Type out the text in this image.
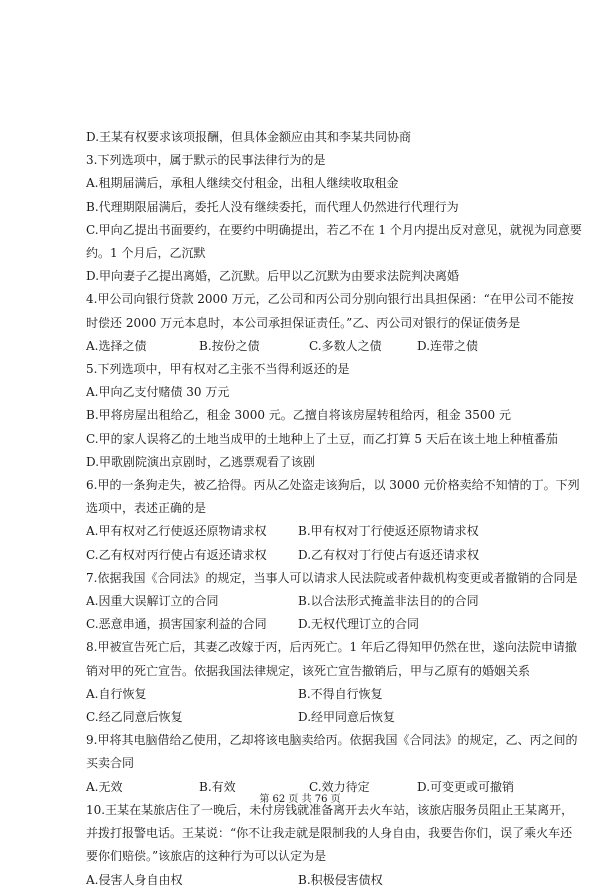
D.王某有权要求该项报酬，但具体金额应由其和李某共同协商
3.下列选项中，属于默示的民事法律行为的是
A.租期届满后，承租人继续交付租金，出租人继续收取租金
B.代理期限届满后，委托人没有继续委托，而代理人仍然进行代理行为
C.甲向乙提出书面要约，在要约中明确提出，若乙不在 1 个月内提出反对意见，就视为同意要
约。1 个月后，乙沉默
D.甲向妻子乙提出离婚，乙沉默。后甲以乙沉默为由要求法院判决离婚
4.甲公司向银行贷款 2000 万元，乙公司和丙公司分别向银行出具担保函：“在甲公司不能按
时偿还 2000 万元本息时，本公司承担保证责任。”乙、丙公司对银行的保证债务是
A.选择之债	B.按份之债	C.多数人之债	D.连带之债
5.下列选项中，甲有权对乙主张不当得利返还的是
A.甲向乙支付赌债 30 万元
B.甲将房屋出租给乙，租金 3000 元。乙擅自将该房屋转租给丙，租金 3500 元
C.甲的家人误将乙的土地当成甲的土地种上了土豆，而乙打算 5 天后在该土地上种植番茄
D.甲歌剧院演出京剧时，乙逃票观看了该剧
6.甲的一条狗走失，被乙拾得。丙从乙处盗走该狗后，以 3000 元价格卖给不知情的丁。下列
选项中，表述正确的是
A.甲有权对乙行使返还原物请求权	B.甲有权对丁行使返还原物请求权
C.乙有权对丙行使占有返还请求权	D.乙有权对丁行使占有返还请求权
7.依据我国《合同法》的规定，当事人可以请求人民法院或者仲裁机构变更或者撤销的合同是
A.因重大误解订立的合同	B.以合法形式掩盖非法目的的合同
C.恶意串通，损害国家利益的合同	D.无权代理订立的合同
8.甲被宣告死亡后，其妻乙改嫁于丙，后丙死亡。1 年后乙得知甲仍然在世，遂向法院申请撤
销对甲的死亡宣告。依据我国法律规定，该死亡宣告撤销后，甲与乙原有的婚姻关系
A.自行恢复	B.不得自行恢复
C.经乙同意后恢复	D.经甲同意后恢复
9.甲将其电脑借给乙使用，乙却将该电脑卖给丙。依据我国《合同法》的规定，乙、丙之间的
买卖合同
A.无效	B.有效	C.效力待定	D.可变更或可撤销
10.王某在某旅店住了一晚后，未付房钱就准备离开去火车站，该旅店服务员阻止王某离开，
并拨打报警电话。王某说：“你不让我走就是限制我的人身自由，我要告你们，误了乘火车还
要你们赔偿。”该旅店的这种行为可以认定为是
A.侵害人身自由权	B.积极侵害债权
第 62 页 共 76 页
